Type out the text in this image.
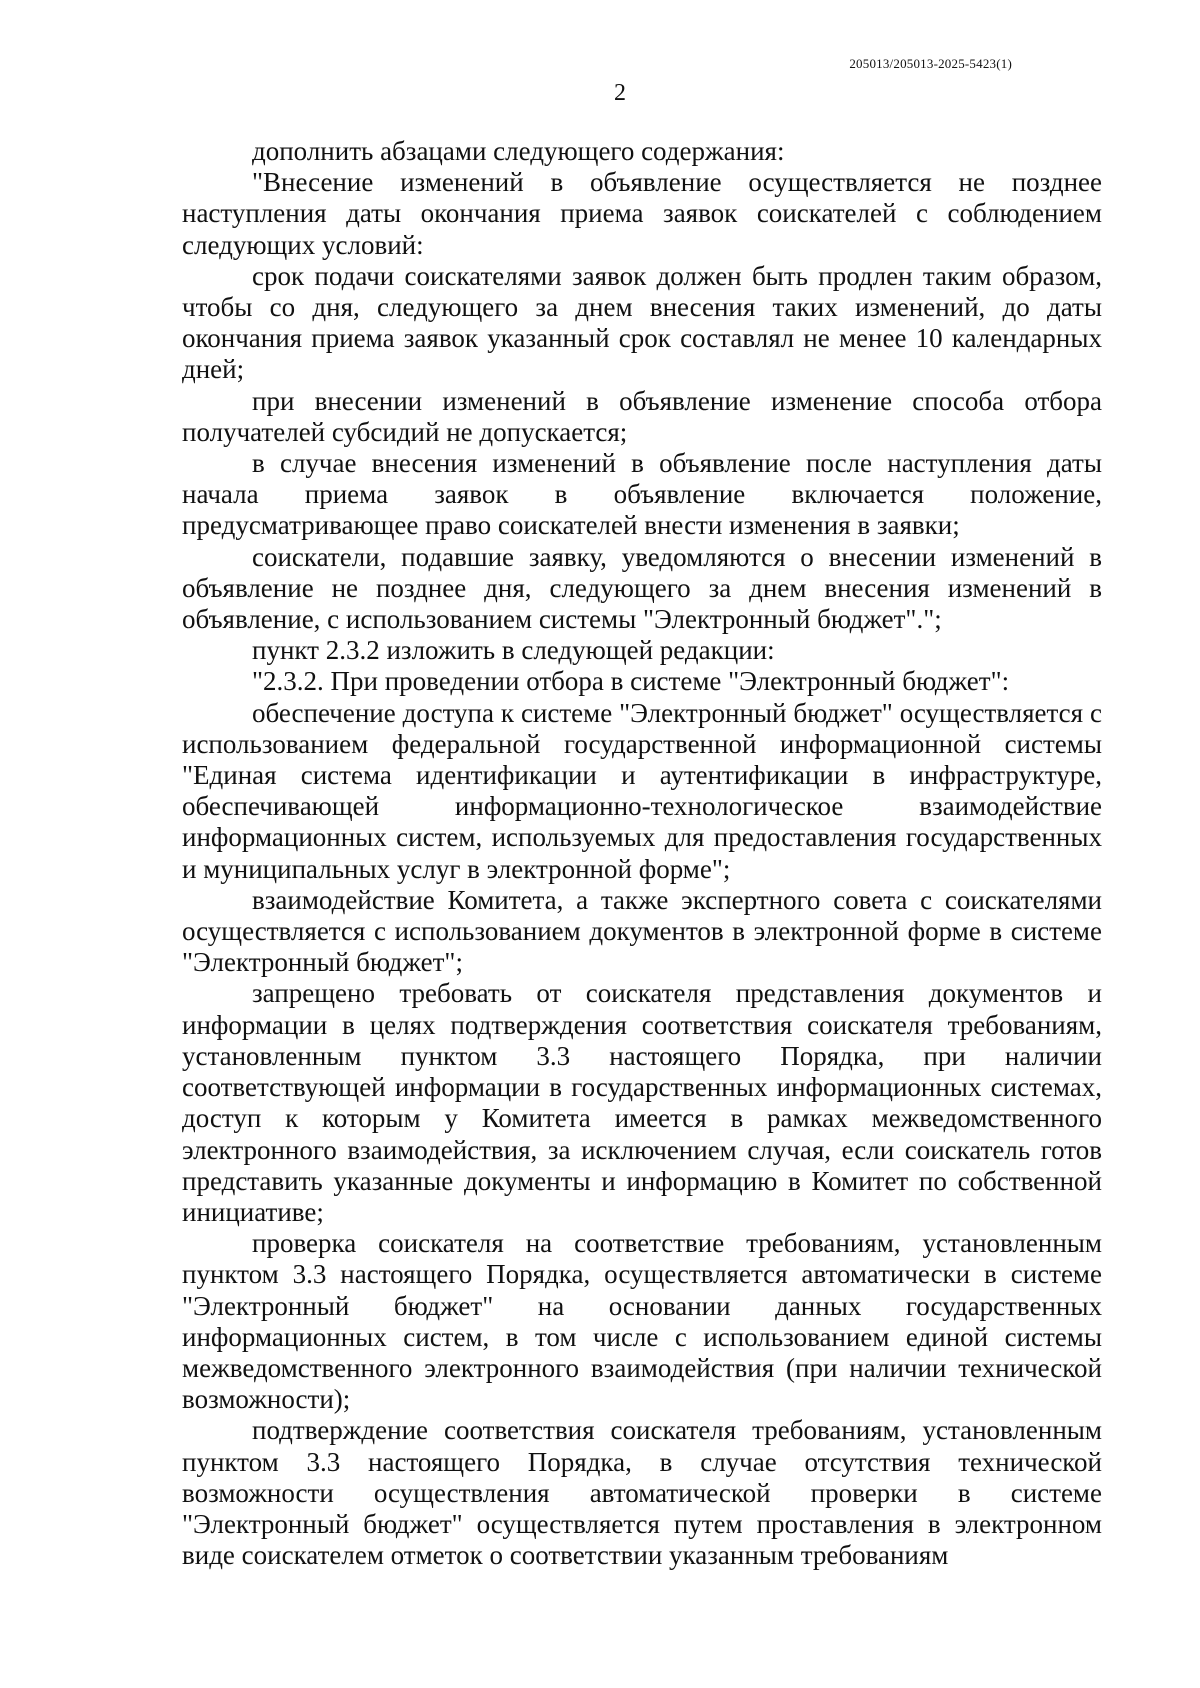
205013/205013-2025-5423(1)
2

дополнить абзацами следующего содержания:

"Внесение изменений в объявление осуществляется не позднее наступления даты окончания приема заявок соискателей с соблюдением следующих условий:

срок подачи соискателями заявок должен быть продлен таким образом, чтобы со дня, следующего за днем внесения таких изменений, до даты окончания приема заявок указанный срок составлял не менее 10 календарных дней;

при внесении изменений в объявление изменение способа отбора получателей субсидий не допускается;

в случае внесения изменений в объявление после наступления даты начала приема заявок в объявление включается положение, предусматривающее право соискателей внести изменения в заявки;

соискатели, подавшие заявку, уведомляются о внесении изменений в объявление не позднее дня, следующего за днем внесения изменений в объявление, с использованием системы "Электронный бюджет".";

пункт 2.3.2 изложить в следующей редакции:

"2.3.2. При проведении отбора в системе "Электронный бюджет":

обеспечение доступа к системе "Электронный бюджет" осуществляется с использованием федеральной государственной информационной системы "Единая система идентификации и аутентификации в инфраструктуре, обеспечивающей информационно-технологическое взаимодействие информационных систем, используемых для предоставления государственных и муниципальных услуг в электронной форме";

взаимодействие Комитета, а также экспертного совета с соискателями осуществляется с использованием документов в электронной форме в системе "Электронный бюджет";

запрещено требовать от соискателя представления документов и информации в целях подтверждения соответствия соискателя требованиям, установленным пунктом 3.3 настоящего Порядка, при наличии соответствующей информации в государственных информационных системах, доступ к которым у Комитета имеется в рамках межведомственного электронного взаимодействия, за исключением случая, если соискатель готов представить указанные документы и информацию в Комитет по собственной инициативе;

проверка соискателя на соответствие требованиям, установленным пунктом 3.3 настоящего Порядка, осуществляется автоматически в системе "Электронный бюджет" на основании данных государственных информационных систем, в том числе с использованием единой системы межведомственного электронного взаимодействия (при наличии технической возможности);

подтверждение соответствия соискателя требованиям, установленным пунктом 3.3 настоящего Порядка, в случае отсутствия технической возможности осуществления автоматической проверки в системе "Электронный бюджет" осуществляется путем проставления в электронном виде соискателем отметок о соответствии указанным требованиям
